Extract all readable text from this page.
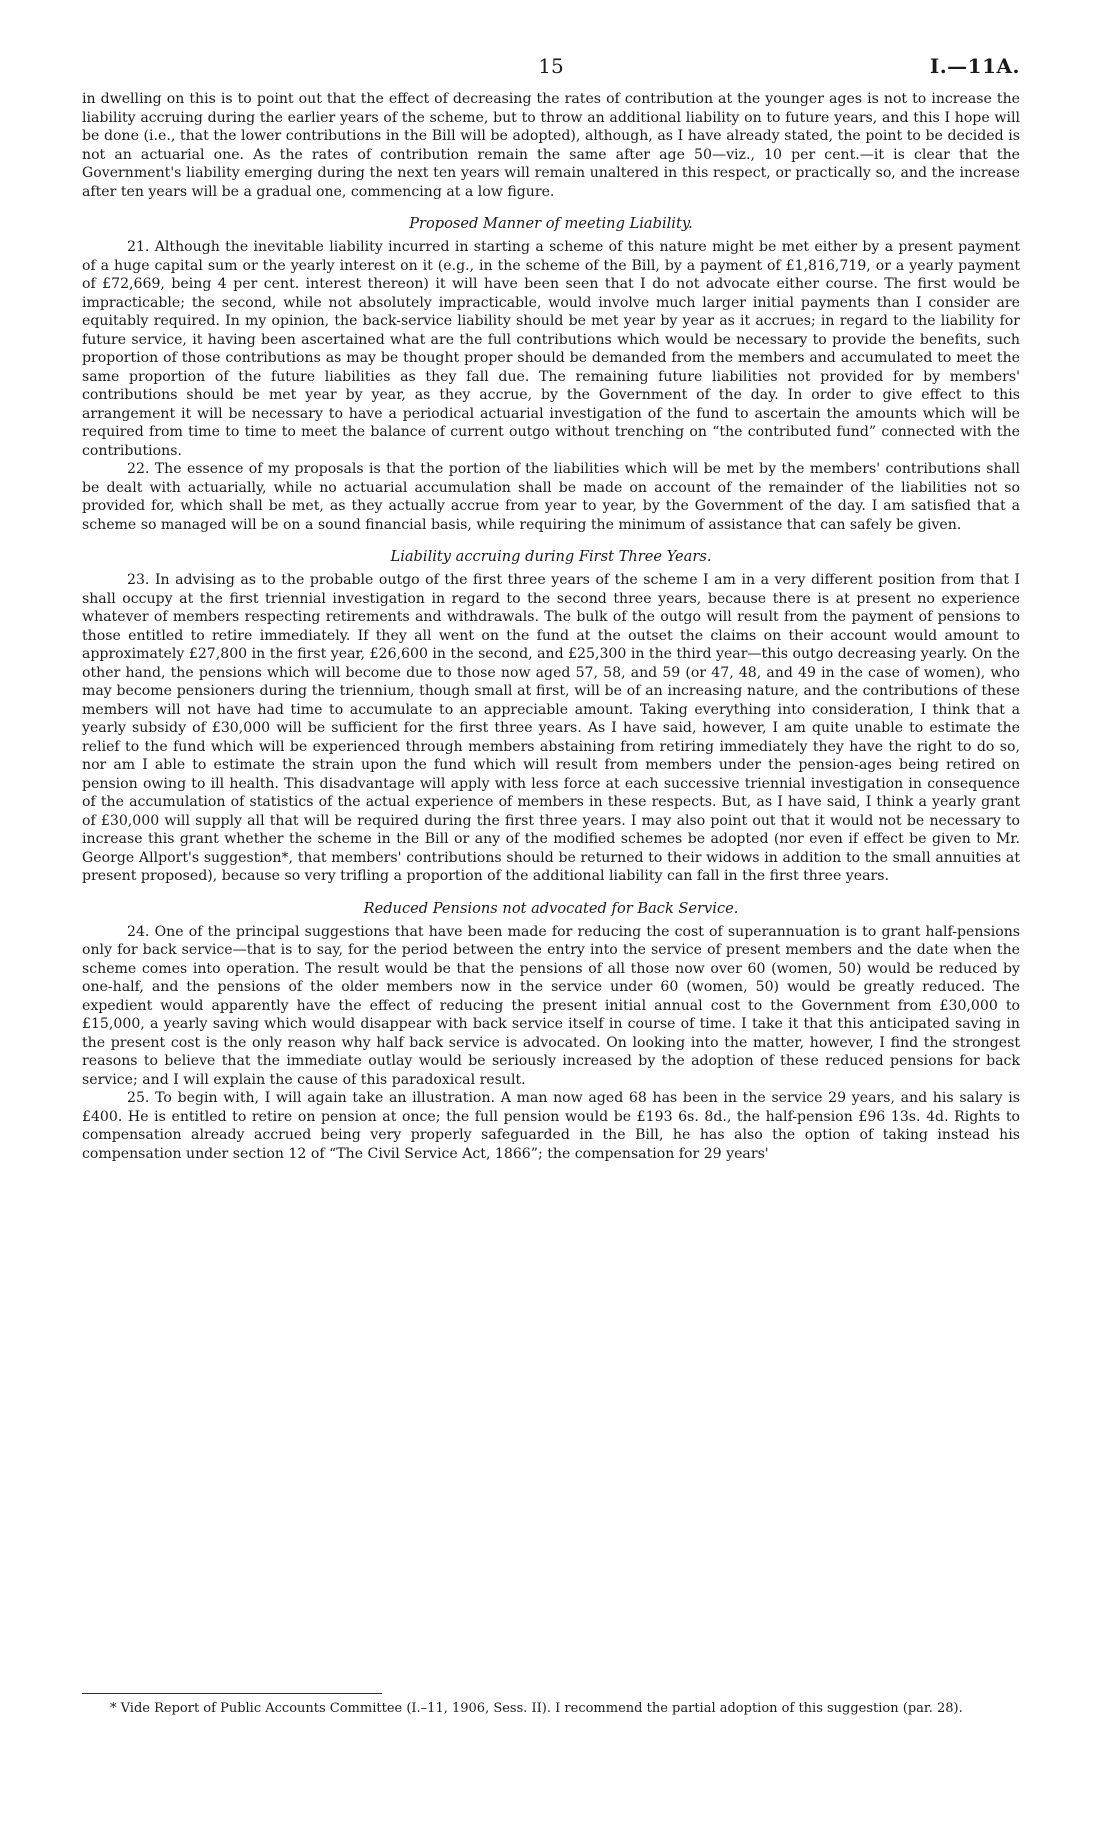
15	I.—11A.

in dwelling on this is to point out that the effect of decreasing the rates of contribution at the younger ages is not to increase the liability accruing during the earlier years of the scheme, but to throw an additional liability on to future years, and this I hope will be done (i.e., that the lower contributions in the Bill will be adopted), although, as I have already stated, the point to be decided is not an actuarial one. As the rates of contribution remain the same after age 50—viz., 10 per cent.—it is clear that the Government's liability emerging during the next ten years will remain unaltered in this respect, or practically so, and the increase after ten years will be a gradual one, commencing at a low figure.

Proposed Manner of meeting Liability.

21. Although the inevitable liability incurred in starting a scheme of this nature might be met either by a present payment of a huge capital sum or the yearly interest on it (e.g., in the scheme of the Bill, by a payment of £1,816,719, or a yearly payment of £72,669, being 4 per cent. interest thereon) it will have been seen that I do not advocate either course. The first would be impracticable; the second, while not absolutely impracticable, would involve much larger initial payments than I consider are equitably required. In my opinion, the back-service liability should be met year by year as it accrues; in regard to the liability for future service, it having been ascertained what are the full contributions which would be necessary to provide the benefits, such proportion of those contributions as may be thought proper should be demanded from the members and accumulated to meet the same proportion of the future liabilities as they fall due. The remaining future liabilities not provided for by members' contributions should be met year by year, as they accrue, by the Government of the day. In order to give effect to this arrangement it will be necessary to have a periodical actuarial investigation of the fund to ascertain the amounts which will be required from time to time to meet the balance of current outgo without trenching on “the contributed fund” connected with the contributions.

22. The essence of my proposals is that the portion of the liabilities which will be met by the members' contributions shall be dealt with actuarially, while no actuarial accumulation shall be made on account of the remainder of the liabilities not so provided for, which shall be met, as they actually accrue from year to year, by the Government of the day. I am satisfied that a scheme so managed will be on a sound financial basis, while requiring the minimum of assistance that can safely be given.

Liability accruing during First Three Years.

23. In advising as to the probable outgo of the first three years of the scheme I am in a very different position from that I shall occupy at the first triennial investigation in regard to the second three years, because there is at present no experience whatever of members respecting retirements and withdrawals. The bulk of the outgo will result from the payment of pensions to those entitled to retire immediately. If they all went on the fund at the outset the claims on their account would amount to approximately £27,800 in the first year, £26,600 in the second, and £25,300 in the third year—this outgo decreasing yearly. On the other hand, the pensions which will become due to those now aged 57, 58, and 59 (or 47, 48, and 49 in the case of women), who may become pensioners during the triennium, though small at first, will be of an increasing nature, and the contributions of these members will not have had time to accumulate to an appreciable amount. Taking everything into consideration, I think that a yearly subsidy of £30,000 will be sufficient for the first three years. As I have said, however, I am quite unable to estimate the relief to the fund which will be experienced through members abstaining from retiring immediately they have the right to do so, nor am I able to estimate the strain upon the fund which will result from members under the pension-ages being retired on pension owing to ill health. This disadvantage will apply with less force at each successive triennial investigation in consequence of the accumulation of statistics of the actual experience of members in these respects. But, as I have said, I think a yearly grant of £30,000 will supply all that will be required during the first three years. I may also point out that it would not be necessary to increase this grant whether the scheme in the Bill or any of the modified schemes be adopted (nor even if effect be given to Mr. George Allport's suggestion*, that members' contributions should be returned to their widows in addition to the small annuities at present proposed), because so very trifling a proportion of the additional liability can fall in the first three years.

Reduced Pensions not advocated for Back Service.

24. One of the principal suggestions that have been made for reducing the cost of superannuation is to grant half-pensions only for back service—that is to say, for the period between the entry into the service of present members and the date when the scheme comes into operation. The result would be that the pensions of all those now over 60 (women, 50) would be reduced by one-half, and the pensions of the older members now in the service under 60 (women, 50) would be greatly reduced. The expedient would apparently have the effect of reducing the present initial annual cost to the Government from £30,000 to £15,000, a yearly saving which would disappear with back service itself in course of time. I take it that this anticipated saving in the present cost is the only reason why half back service is advocated. On looking into the matter, however, I find the strongest reasons to believe that the immediate outlay would be seriously increased by the adoption of these reduced pensions for back service; and I will explain the cause of this paradoxical result.

25. To begin with, I will again take an illustration. A man now aged 68 has been in the service 29 years, and his salary is £400. He is entitled to retire on pension at once; the full pension would be £193 6s. 8d., the half-pension £96 13s. 4d. Rights to compensation already accrued being very properly safeguarded in the Bill, he has also the option of taking instead his compensation under section 12 of “The Civil Service Act, 1866”; the compensation for 29 years'

* Vide Report of Public Accounts Committee (I.–11, 1906, Sess. II). I recommend the partial adoption of this suggestion (par. 28).
